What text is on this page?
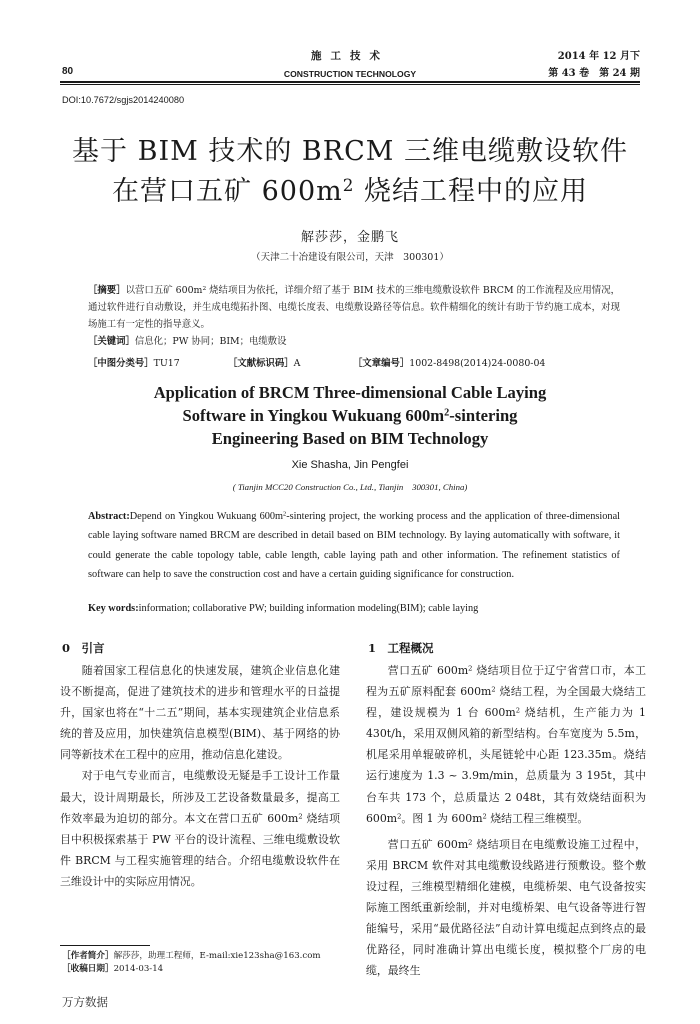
80
施工技术
CONSTRUCTION TECHNOLOGY
2014 年 12 月下
第 43 卷　第 24 期
DOI:10.7672/sgjs2014240080
基于 BIM 技术的 BRCM 三维电缆敷设软件
在营口五矿 $600m^2$ 烧结工程中的应用
解莎莎，金鹏飞
（天津二十冶建设有限公司，天津　300301）
［摘要］以营口五矿 $600m^2$ 烧结项目为依托，详细介绍了基于 BIM 技术的三维电缆敷设软件 BRCM 的工作流程及应用情况，通过软件进行自动敷设，并生成电缆拓扑图、电缆长度表、电缆敷设路径等信息。软件精细化的统计有助于节约施工成本，对现场施工有一定性的指导意义。
［关键词］信息化；PW 协同；BIM；电缆敷设
［中图分类号］TU17	［文献标识码］A	［文章编号］1002-8498(2014)24-0080-04
Application of BRCM Three-dimensional Cable Laying
Software in Yingkou Wukuang $600m^2$-sintering
Engineering Based on BIM Technology
Xie Shasha, Jin Pengfei
( Tianjin MCC20 Construction Co., Ltd., Tianjin　300301, China)
Abstract:Depend on Yingkou Wukuang $600m^2$-sintering project, the working process and the application of three-dimensional cable laying software named BRCM are described in detail based on BIM technology. By laying automatically with software, it could generate the cable topology table, cable length, cable laying path and other information. The refinement statistics of software can help to save the construction cost and have a certain guiding significance for construction.
Key words:information; collaborative PW; building information modeling(BIM); cable laying
0　引言

随着国家工程信息化的快速发展，建筑企业信息化建设不断提高，促进了建筑技术的进步和管理水平的日益提升，国家也将在“十二五”期间，基本实现建筑企业信息系统的普及应用，加快建筑信息模型(BIM)、基于网络的协同等新技术在工程中的应用，推动信息化建设。

对于电气专业而言，电缆敷设无疑是手工设计工作量最大，设计周期最长，所涉及工艺设备数量最多，提高工作效率最为迫切的部分。本文在营口五矿 $600m^2$ 烧结项目中积极探索基于 PW 平台的设计流程、三维电缆敷设软件 BRCM 与工程实施管理的结合。介绍电缆敷设软件在三维设计中的实际应用情况。

1　工程概况

营口五矿 $600m^2$ 烧结项目位于辽宁省营口市，本工程为五矿原料配套 $600m^2$ 烧结工程，为全国最大烧结工程，建设规模为 1 台 $600m^2$ 烧结机，生产能力为 1 430t/h，采用双侧风箱的新型结构。台车宽度为 5.5m，机尾采用单辊破碎机，头尾链轮中心距 123.35m。烧结运行速度为 1.3 ~ 3.9m/min，总质量为 3 195t，其中台车共 173 个，总质量达 2 048t，其有效烧结面积为 $600m^2$。图 1 为 $600m^2$ 烧结工程三维模型。

营口五矿 $600m^2$ 烧结项目在电缆敷设施工过程中，采用 BRCM 软件对其电缆敷设线路进行预敷设。整个敷设过程，三维模型精细化建模，电缆桥架、电气设备按实际施工图纸重新绘制，并对电缆桥架、电气设备等进行智能编号，采用“最优路径法”自动计算电缆起点到终点的最优路径，同时准确计算出电缆长度，模拟整个厂房的电缆，最终生

［作者简介］解莎莎，助理工程师，E-mail:xie123sha@163.com
［收稿日期］2014-03-14
万方数据
